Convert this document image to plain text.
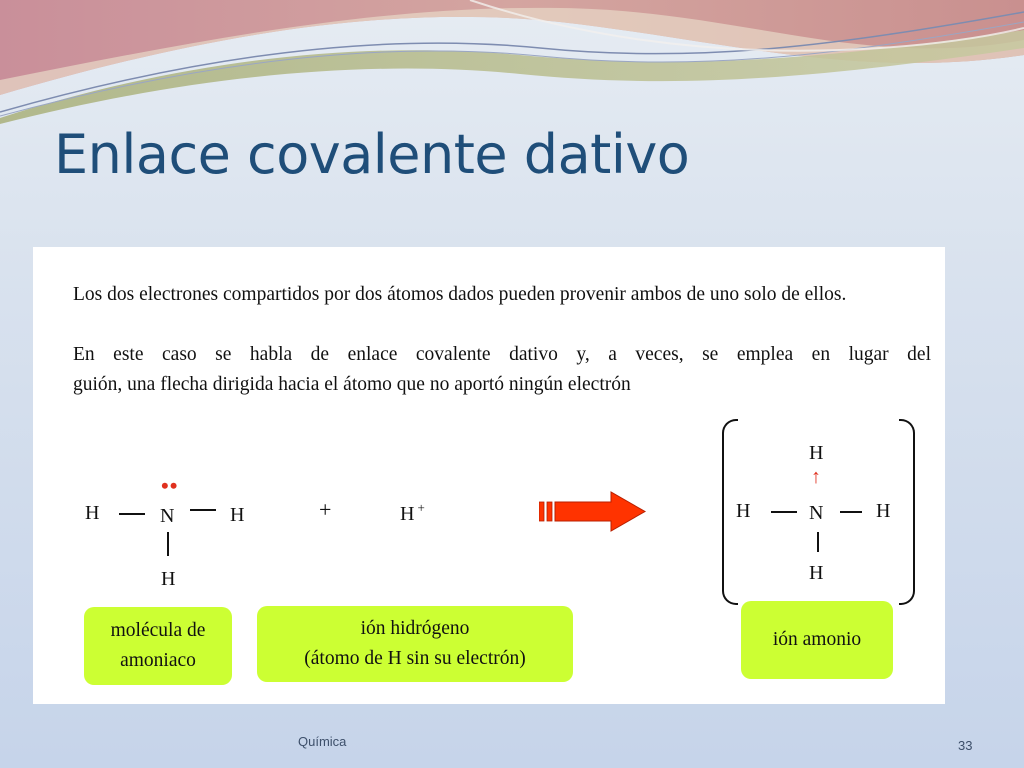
Enlace covalente dativo

Los dos electrones compartidos por dos átomos dados pueden provenir ambos de uno solo de ellos.

En este caso se habla de enlace covalente dativo y, a veces, se emplea en lugar del
guión, una flecha dirigida hacia el átomo que no aportó ningún electrón

••
H	N	H
H
+	H +
H
↑
H	N	H
H
molécula de
amoniaco
ión hidrógeno
(átomo de H sin su electrón)
ión amonio
Química	33
